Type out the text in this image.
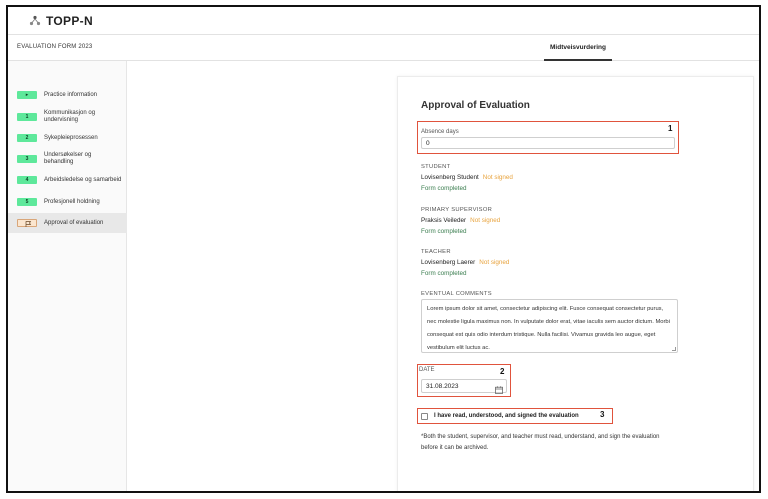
TOPP-N
EVALUATION FORM 2023	Midtveisvurdering
▸	Practice information
1
Kommunikasjon og undervisning
2	Sykepleieprosessen
3
Undersøkelser og behandling
4	Arbeidsledelse og samarbeid
5	Profesjonell holdning
Approval of evaluation
Approval of Evaluation
1
Absence days
0
STUDENT
Lovisenberg Student Not signed
Form completed
PRIMARY SUPERVISOR
Praksis Veileder Not signed
Form completed
TEACHER
Lovisenberg Laerer Not signed
Form completed
EVENTUAL COMMENTS
Lorem ipsum dolor sit amet, consectetur adipiscing elit. Fusce consequat consectetur purus, nec molestie ligula maximus non. In vulputate dolor erat, vitae iaculis sem auctor dictum. Morbi consequat est quis odio interdum tristique. Nulla facilisi. Vivamus gravida leo augue, eget vestibulum elit luctus ac.
2
DATE
31.08.2023
3
I have read, understood, and signed the evaluation
*Both the student, supervisor, and teacher must read, understand, and sign the evaluation before it can be archived.
